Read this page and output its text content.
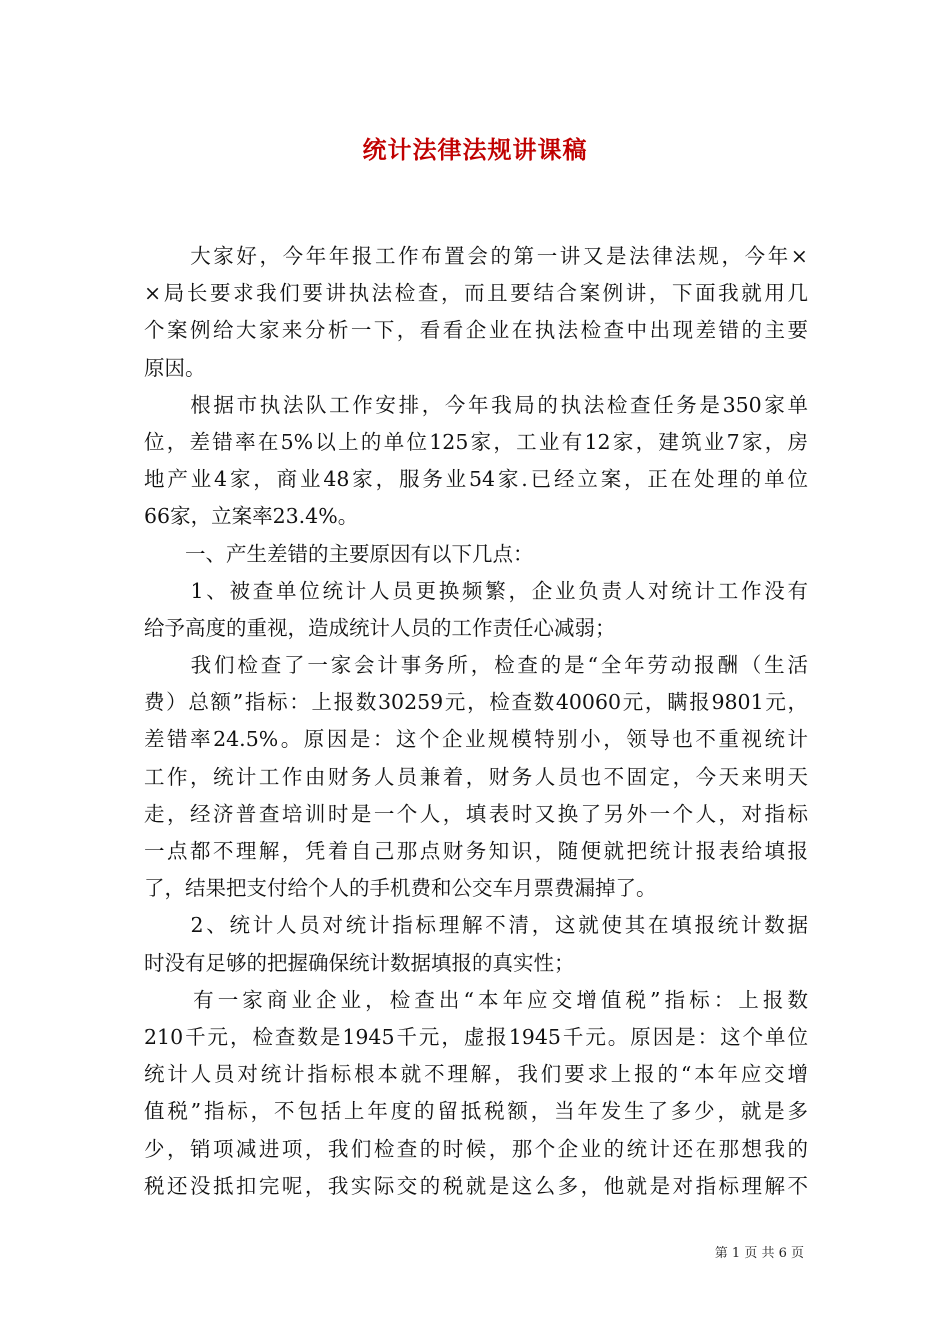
统计法律法规讲课稿
　　大家好，今年年报工作布置会的第一讲又是法律法规，今年×
×局长要求我们要讲执法检查，而且要结合案例讲，下面我就用几
个案例给大家来分析一下，看看企业在执法检查中出现差错的主要
原因。
　　根据市执法队工作安排，今年我局的执法检查任务是350家单
位，差错率在5%以上的单位125家，工业有12家，建筑业7家，房
地产业4家，商业48家，服务业54家.已经立案，正在处理的单位
66家，立案率23.4%。
　　一、产生差错的主要原因有以下几点：
　　1、被查单位统计人员更换频繁，企业负责人对统计工作没有
给予高度的重视，造成统计人员的工作责任心减弱；
　　我们检查了一家会计事务所，检查的是“全年劳动报酬（生活
费）总额”指标：上报数30259元，检查数40060元，瞒报9801元，
差错率24.5%。原因是：这个企业规模特别小，领导也不重视统计
工作，统计工作由财务人员兼着，财务人员也不固定，今天来明天
走，经济普查培训时是一个人，填表时又换了另外一个人，对指标
一点都不理解，凭着自己那点财务知识，随便就把统计报表给填报
了，结果把支付给个人的手机费和公交车月票费漏掉了。
　　2、统计人员对统计指标理解不清，这就使其在填报统计数据
时没有足够的把握确保统计数据填报的真实性；
　　有一家商业企业，检查出“本年应交增值税”指标：上报数
210千元，检查数是1945千元，虚报1945千元。原因是：这个单位
统计人员对统计指标根本就不理解，我们要求上报的“本年应交增
值税”指标，不包括上年度的留抵税额，当年发生了多少，就是多
少，销项减进项，我们检查的时候，那个企业的统计还在那想我的
税还没抵扣完呢，我实际交的税就是这么多，他就是对指标理解不
第 1 页 共 6 页
